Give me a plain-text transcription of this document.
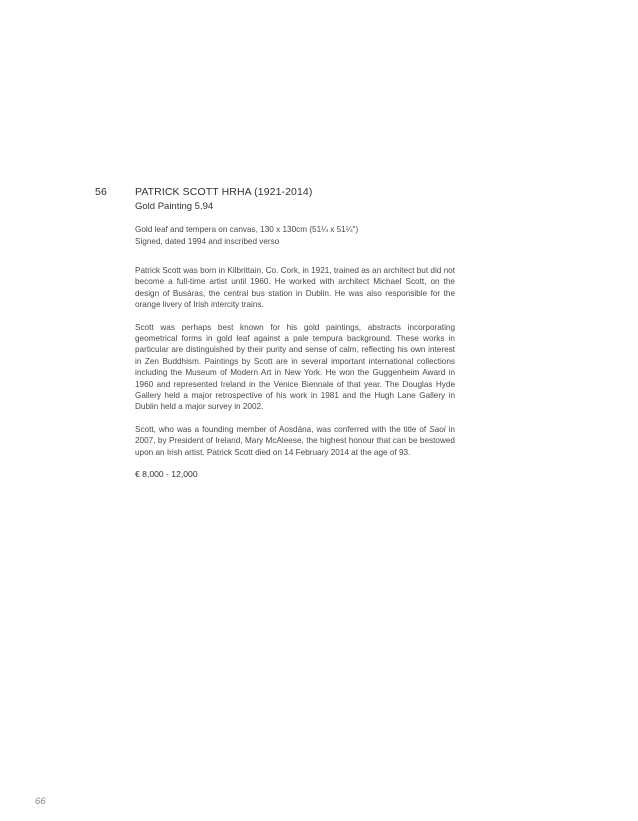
56	PATRICK SCOTT HRHA (1921-2014)
Gold Painting 5.94
Gold leaf and tempera on canvas, 130 x 130cm (51¼ x 51¼")
Signed, dated 1994 and inscribed verso

Patrick Scott was born in Kilbrittain, Co. Cork, in 1921, trained as an architect but did not become a full-time artist until 1960. He worked with architect Michael Scott, on the design of Busáras, the central bus station in Dublin. He was also responsible for the orange livery of Irish intercity trains.

Scott was perhaps best known for his gold paintings, abstracts incorporating geometrical forms in gold leaf against a pale tempura background. These works in particular are distinguished by their purity and sense of calm, reflecting his own interest in Zen Buddhism. Paintings by Scott are in several important international collections including the Museum of Modern Art in New York. He won the Guggenheim Award in 1960 and represented Ireland in the Venice Biennale of that year. The Douglas Hyde Gallery held a major retrospective of his work in 1981 and the Hugh Lane Gallery in Dublin held a major survey in 2002.

Scott, who was a founding member of Aosdána, was conferred with the title of Saoi in 2007, by President of Ireland, Mary McAleese, the highest honour that can be bestowed upon an Irish artist. Patrick Scott died on 14 February 2014 at the age of 93.

€ 8,000 - 12,000
66
